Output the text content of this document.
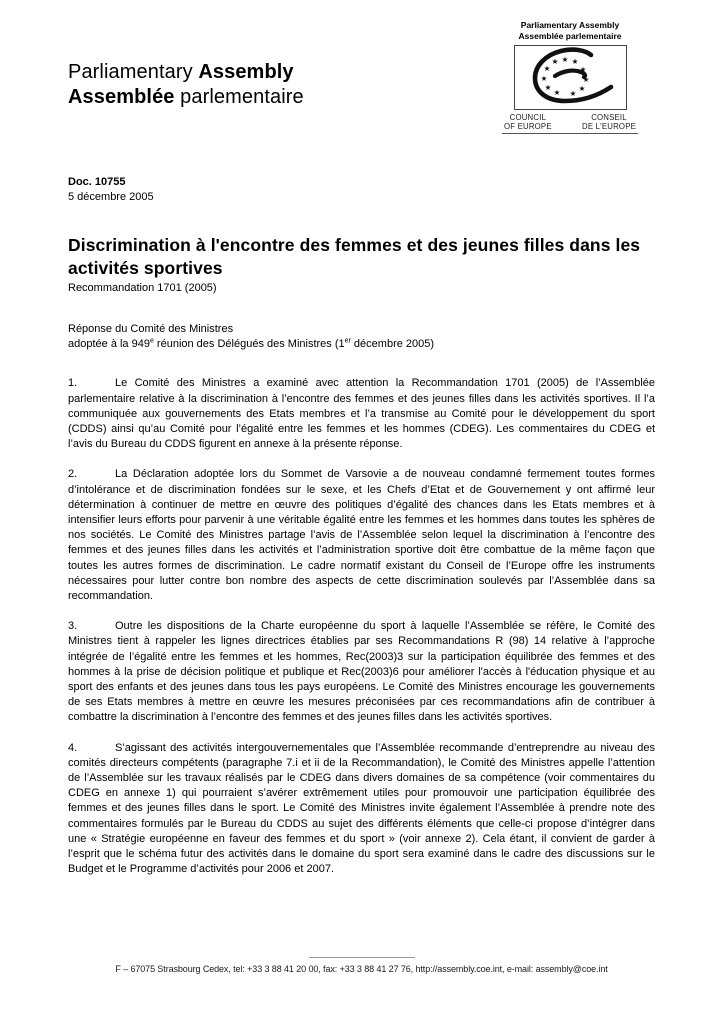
Parliamentary Assembly
Assemblée parlementaire
Parliamentary Assembly
Assemblée parlementaire
★
★ ★
★	★
★	★
★	★
★ ★
COUNCIL
OF EUROPE
CONSEIL
DE L'EUROPE
Doc. 10755
5 décembre 2005
Discrimination à l'encontre des femmes et des jeunes filles dans les activités sportives
Recommandation 1701 (2005)
Réponse du Comité des Ministres
adoptée à la 949e réunion des Délégués des Ministres (1er décembre 2005)

1.	Le Comité des Ministres a examiné avec attention la Recommandation 1701 (2005) de l’Assemblée parlementaire relative à la discrimination à l’encontre des femmes et des jeunes filles dans les activités sportives. Il l’a communiquée aux gouvernements des Etats membres et l’a transmise au Comité pour le développement du sport (CDDS) ainsi qu’au Comité pour l’égalité entre les femmes et les hommes (CDEG). Les commentaires du CDEG et l’avis du Bureau du CDDS figurent en annexe à la présente réponse.

2.	La Déclaration adoptée lors du Sommet de Varsovie a de nouveau condamné fermement toutes formes d’intolérance et de discrimination fondées sur le sexe, et les Chefs d’Etat et de Gouvernement y ont affirmé leur détermination à continuer de mettre en œuvre des politiques d’égalité des chances dans les Etats membres et à intensifier leurs efforts pour parvenir à une véritable égalité entre les femmes et les hommes dans toutes les sphères de nos sociétés. Le Comité des Ministres partage l’avis de l’Assemblée selon lequel la discrimination à l’encontre des femmes et des jeunes filles dans les activités et l’administration sportive doit être combattue de la même façon que toutes les autres formes de discrimination. Le cadre normatif existant du Conseil de l’Europe offre les instruments nécessaires pour lutter contre bon nombre des aspects de cette discrimination soulevés par l’Assemblée dans sa recommandation.

3.	Outre les dispositions de la Charte européenne du sport à laquelle l’Assemblée se réfère, le Comité des Ministres tient à rappeler les lignes directrices établies par ses Recommandations R (98) 14 relative à l’approche intégrée de l’égalité entre les femmes et les hommes, Rec(2003)3 sur la participation équilibrée des femmes et des hommes à la prise de décision politique et publique et Rec(2003)6 pour améliorer l'accès à l'éducation physique et au sport des enfants et des jeunes dans tous les pays européens. Le Comité des Ministres encourage les gouvernements de ses Etats membres à mettre en œuvre les mesures préconisées par ces recommandations afin de contribuer à combattre la discrimination à l’encontre des femmes et des jeunes filles dans les activités sportives.

4.	S’agissant des activités intergouvernementales que l’Assemblée recommande d’entreprendre au niveau des comités directeurs compétents (paragraphe 7.i et ii de la Recommandation), le Comité des Ministres appelle l’attention de l’Assemblée sur les travaux réalisés par le CDEG dans divers domaines de sa compétence (voir commentaires du CDEG en annexe 1) qui pourraient s’avérer extrêmement utiles pour promouvoir une participation équilibrée des femmes et des jeunes filles dans le sport. Le Comité des Ministres invite également l’Assemblée à prendre note des commentaires formulés par le Bureau du CDDS au sujet des différents éléments que celle-ci propose d’intégrer dans une « Stratégie européenne en faveur des femmes et du sport » (voir annexe 2). Cela étant, il convient de garder à l’esprit que le schéma futur des activités dans le domaine du sport sera examiné dans le cadre des discussions sur le Budget et le Programme d’activités pour 2006 et 2007.

F – 67075 Strasbourg Cedex, tel: +33 3 88 41 20 00, fax: +33 3 88 41 27 76, http://assembly.coe.int, e-mail: assembly@coe.int
